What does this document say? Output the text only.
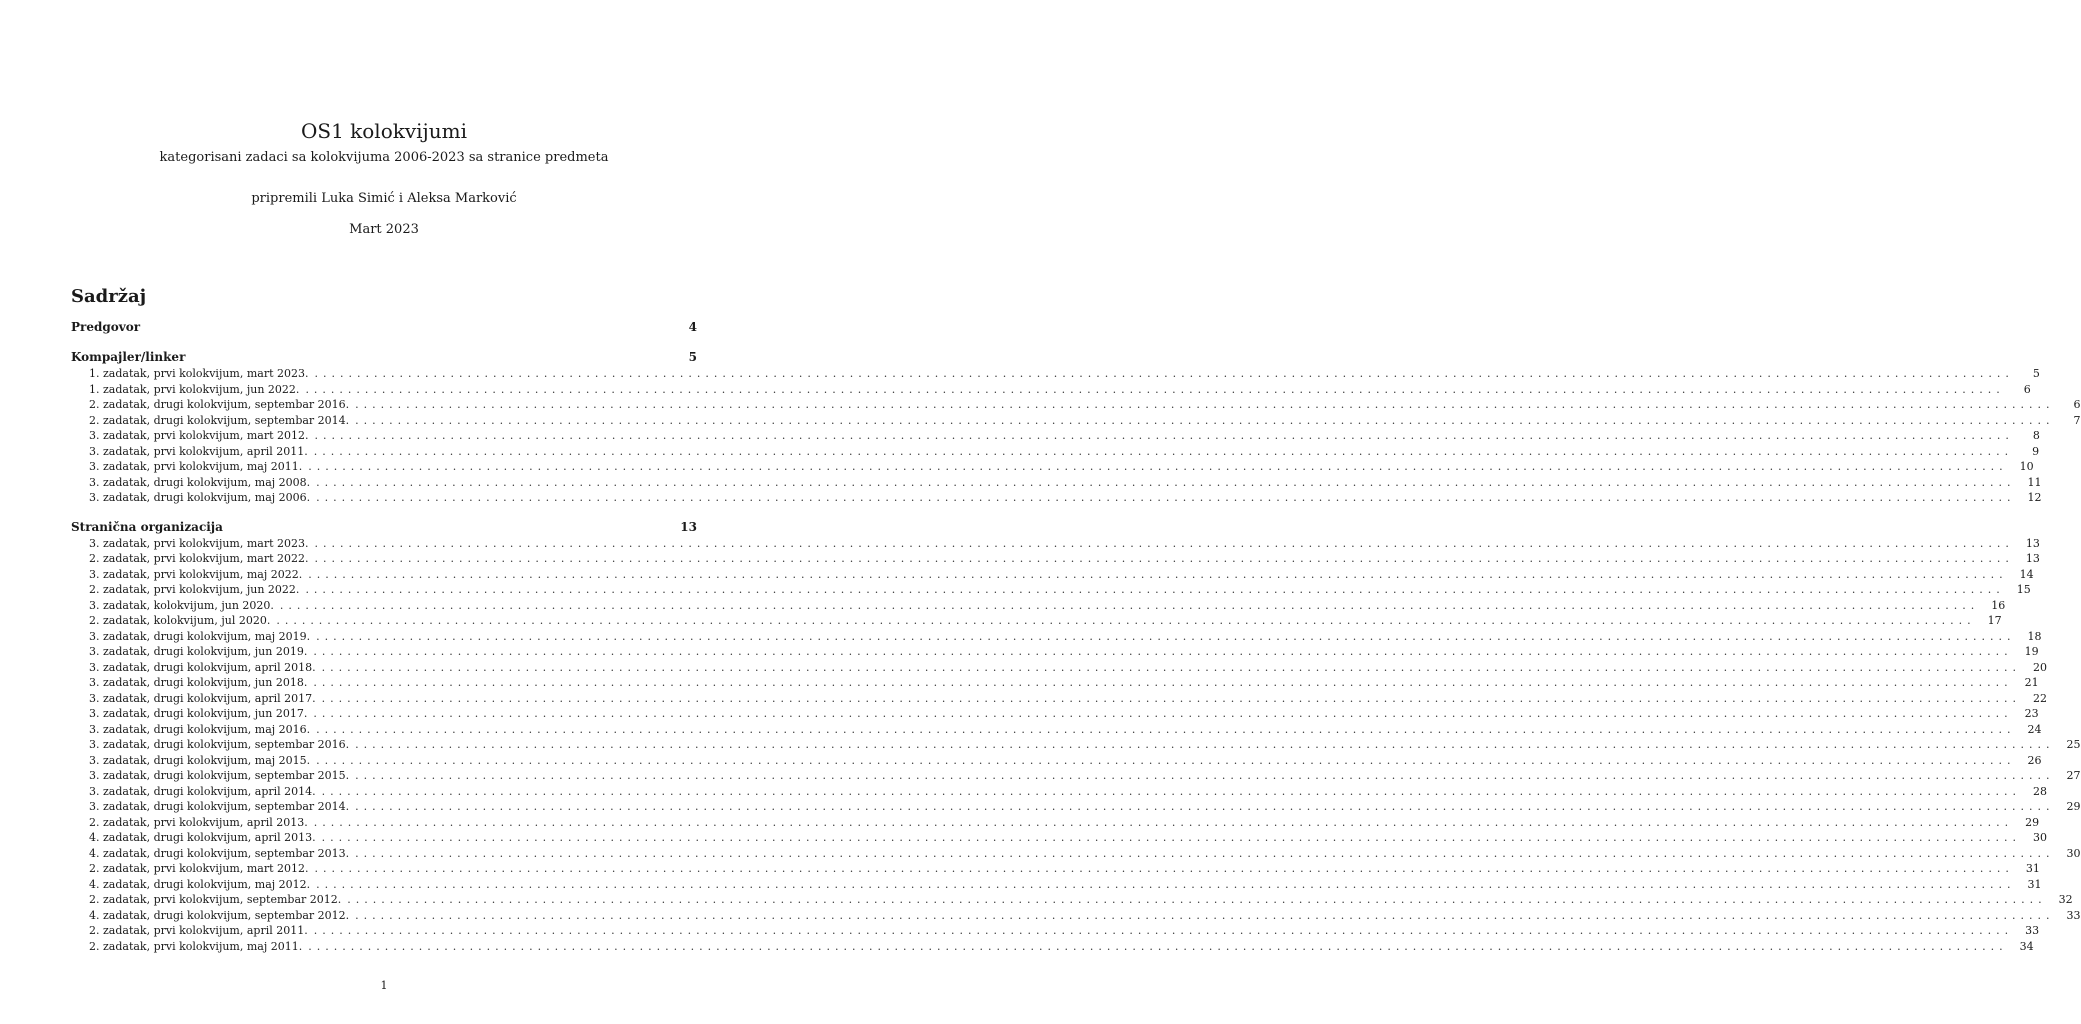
OS1 kolokvijumi
kategorisani zadaci sa kolokvijuma 2006-2023 sa stranice predmeta
pripremili Luka Simić i Aleksa Marković
Mart 2023
Sadržaj
Predgovor	4
Kompajler/linker	5
1. zadatak, prvi kolokvijum, mart 2023. ........................................................................................................................................................................................................	5
1. zadatak, prvi kolokvijum, jun 2022. ........................................................................................................................................................................................................	6
2. zadatak, drugi kolokvijum, septembar 2016. ........................................................................................................................................................................................................	6
2. zadatak, drugi kolokvijum, septembar 2014. ........................................................................................................................................................................................................	7
3. zadatak, prvi kolokvijum, mart 2012. ........................................................................................................................................................................................................	8
3. zadatak, prvi kolokvijum, april 2011. ........................................................................................................................................................................................................	9
3. zadatak, prvi kolokvijum, maj 2011. ........................................................................................................................................................................................................	10
3. zadatak, drugi kolokvijum, maj 2008. ........................................................................................................................................................................................................	11
3. zadatak, drugi kolokvijum, maj 2006. ........................................................................................................................................................................................................	12
Stranična organizacija	13
3. zadatak, prvi kolokvijum, mart 2023. ........................................................................................................................................................................................................	13
2. zadatak, prvi kolokvijum, mart 2022. ........................................................................................................................................................................................................	13
3. zadatak, prvi kolokvijum, maj 2022. ........................................................................................................................................................................................................	14
2. zadatak, prvi kolokvijum, jun 2022. ........................................................................................................................................................................................................	15
3. zadatak, kolokvijum, jun 2020. ........................................................................................................................................................................................................	16
2. zadatak, kolokvijum, jul 2020. ........................................................................................................................................................................................................	17
3. zadatak, drugi kolokvijum, maj 2019. ........................................................................................................................................................................................................	18
3. zadatak, drugi kolokvijum, jun 2019. ........................................................................................................................................................................................................	19
3. zadatak, drugi kolokvijum, april 2018. ........................................................................................................................................................................................................	20
3. zadatak, drugi kolokvijum, jun 2018. ........................................................................................................................................................................................................	21
3. zadatak, drugi kolokvijum, april 2017. ........................................................................................................................................................................................................	22
3. zadatak, drugi kolokvijum, jun 2017. ........................................................................................................................................................................................................	23
3. zadatak, drugi kolokvijum, maj 2016. ........................................................................................................................................................................................................	24
3. zadatak, drugi kolokvijum, septembar 2016. ........................................................................................................................................................................................................	25
3. zadatak, drugi kolokvijum, maj 2015. ........................................................................................................................................................................................................	26
3. zadatak, drugi kolokvijum, septembar 2015. ........................................................................................................................................................................................................	27
3. zadatak, drugi kolokvijum, april 2014. ........................................................................................................................................................................................................	28
3. zadatak, drugi kolokvijum, septembar 2014. ........................................................................................................................................................................................................	29
2. zadatak, prvi kolokvijum, april 2013. ........................................................................................................................................................................................................	29
4. zadatak, drugi kolokvijum, april 2013. ........................................................................................................................................................................................................	30
4. zadatak, drugi kolokvijum, septembar 2013. ........................................................................................................................................................................................................	30
2. zadatak, prvi kolokvijum, mart 2012. ........................................................................................................................................................................................................	31
4. zadatak, drugi kolokvijum, maj 2012. ........................................................................................................................................................................................................	31
2. zadatak, prvi kolokvijum, septembar 2012. ........................................................................................................................................................................................................	32
4. zadatak, drugi kolokvijum, septembar 2012. ........................................................................................................................................................................................................	33
2. zadatak, prvi kolokvijum, april 2011. ........................................................................................................................................................................................................	33
2. zadatak, prvi kolokvijum, maj 2011. ........................................................................................................................................................................................................	34
1
